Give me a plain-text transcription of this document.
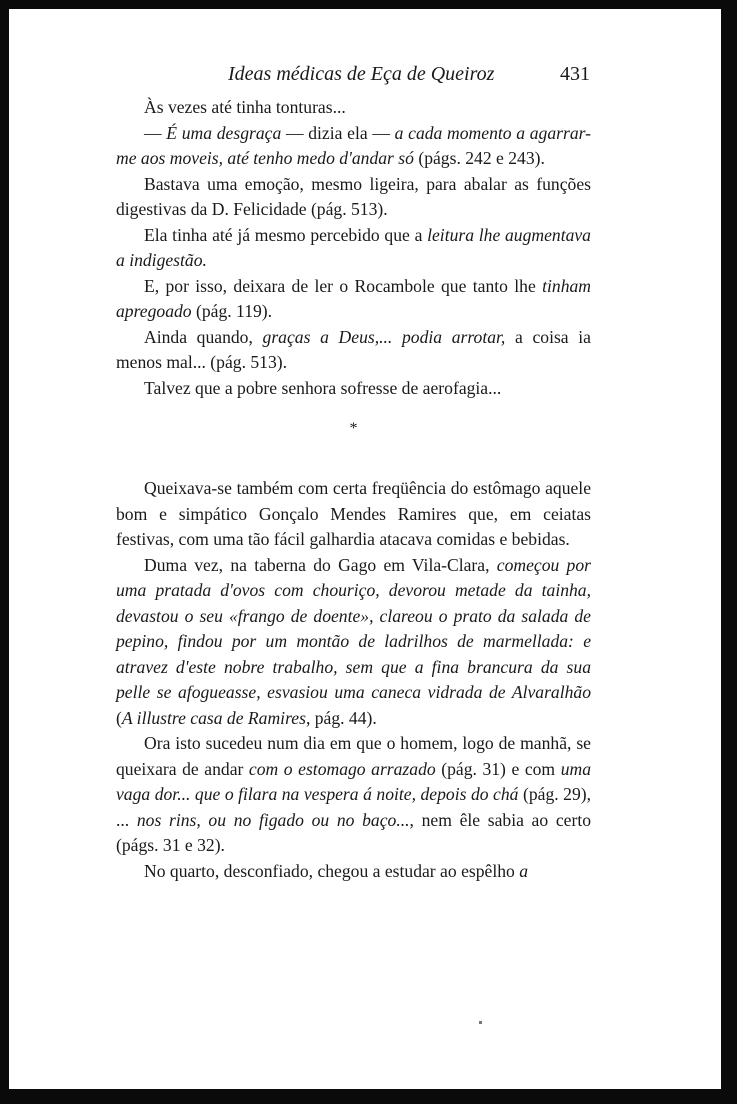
Ideas médicas de Eça de Queiroz	431

Às vezes até tinha tonturas...

— É uma desgraça — dizia ela — a cada momento a agarrar-me aos moveis, até tenho medo d'andar só (págs. 242 e 243).

Bastava uma emoção, mesmo ligeira, para abalar as funções digestivas da D. Felicidade (pág. 513).

Ela tinha até já mesmo percebido que a leitura lhe augmentava a indigestão.

E, por isso, deixara de ler o Rocambole que tanto lhe tinham apregoado (pág. 119).

Ainda quando, graças a Deus,... podia arrotar, a coisa ia menos mal... (pág. 513).

Talvez que a pobre senhora sofresse de aerofagia...

*

Queixava-se também com certa freqüência do estômago aquele bom e simpático Gonçalo Mendes Ramires que, em ceiatas festivas, com uma tão fácil galhardia atacava comidas e bebidas.

Duma vez, na taberna do Gago em Vila-Clara, começou por uma pratada d'ovos com chouriço, devorou metade da tainha, devastou o seu «frango de doente», clareou o prato da salada de pepino, findou por um montão de ladrilhos de marmellada: e atravez d'este nobre trabalho, sem que a fina brancura da sua pelle se afogueasse, esvasiou uma caneca vidrada de Alvaralhão (A illustre casa de Ramires, pág. 44).

Ora isto sucedeu num dia em que o homem, logo de manhã, se queixara de andar com o estomago arrazado (pág. 31) e com uma vaga dor... que o filara na vespera á noite, depois do chá (pág. 29), ... nos rins, ou no figado ou no baço..., nem êle sabia ao certo (págs. 31 e 32).

No quarto, desconfiado, chegou a estudar ao espêlho a
